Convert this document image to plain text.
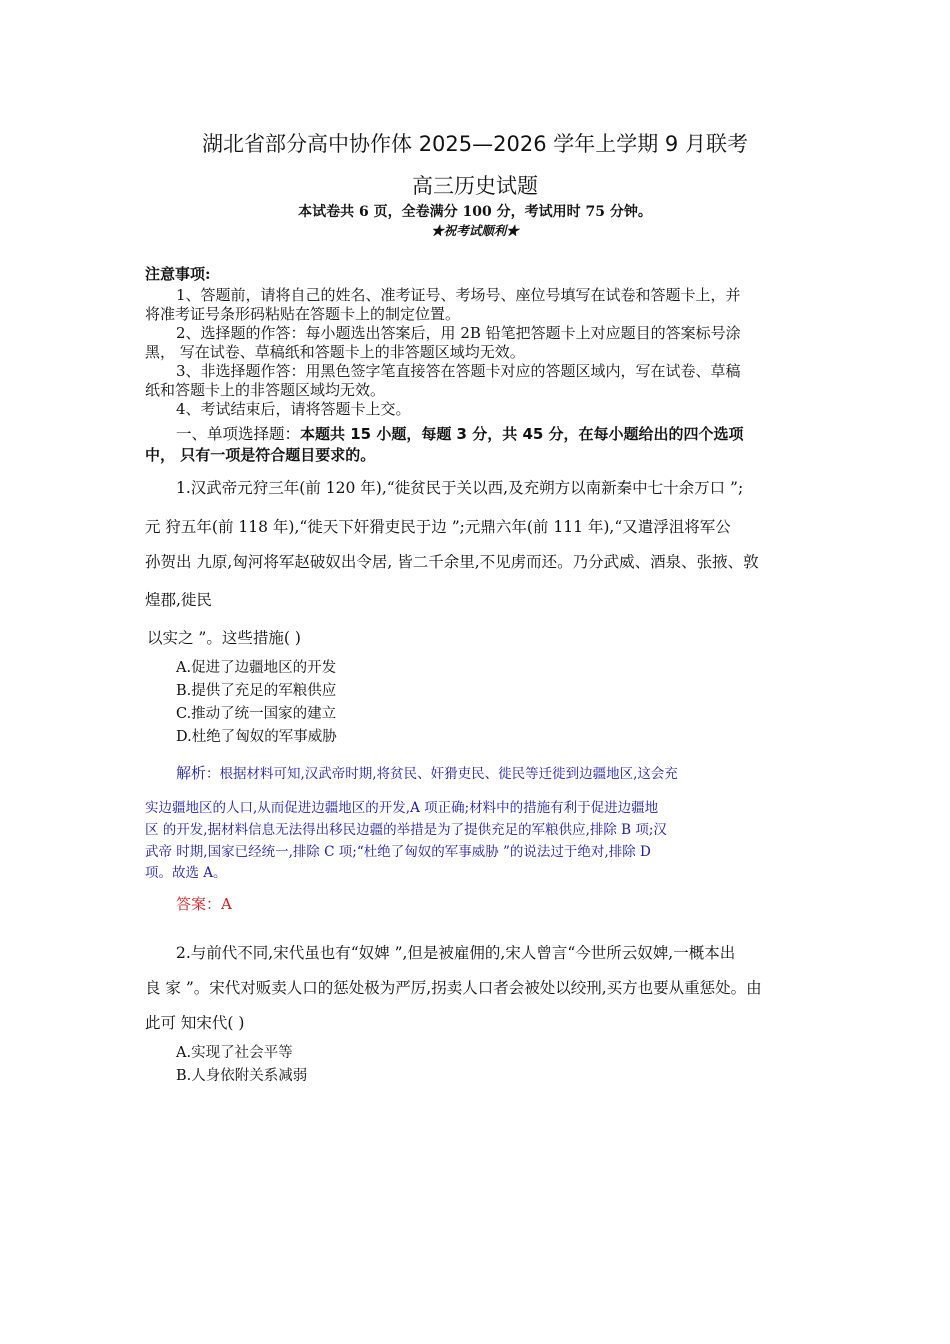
湖北省部分高中协作体 2025—2026 学年上学期 9 月联考
高三历史试题
本试卷共 6 页，全卷满分 100 分，考试用时 75 分钟。
★祝考试顺利★
注意事项:
1、答题前，请将自己的姓名、准考证号、考场号、座位号填写在试卷和答题卡上，并
将准考证号条形码粘贴在答题卡上的制定位置。
2、选择题的作答：每小题选出答案后，用 2B 铅笔把答题卡上对应题目的答案标号涂
黑， 写在试卷、草稿纸和答题卡上的非答题区域均无效。
3、非选择题作答：用黑色签字笔直接答在答题卡对应的答题区域内，写在试卷、草稿
纸和答题卡上的非答题区域均无效。
4、考试结束后，请将答题卡上交。
一、单项选择题：本题共 15 小题，每题 3 分，共 45 分，在每小题给出的四个选项
中， 只有一项是符合题目要求的。
1.汉武帝元狩三年(前 120 年),“徙贫民于关以西,及充朔方以南新秦中七十余万口 ”;
元 狩五年(前 118 年),“徙天下奸猾吏民于边 ”;元鼎六年(前 111 年),“又遣浮沮将军公
孙贺出 九原,匈河将军赵破奴出令居, 皆二千余里,不见虏而还。乃分武威、酒泉、张掖、敦
煌郡,徙民
以实之 ”。这些措施( )
A.促进了边疆地区的开发
B.提供了充足的军粮供应
C.推动了统一国家的建立
D.杜绝了匈奴的军事威胁
解析：根据材料可知,汉武帝时期,将贫民、奸猾吏民、徙民等迁徙到边疆地区,这会充
实边疆地区的人口,从而促进边疆地区的开发,A 项正确;材料中的措施有利于促进边疆地
区 的开发,据材料信息无法得出移民边疆的举措是为了提供充足的军粮供应,排除 B 项;汉
武帝 时期,国家已经统一,排除 C 项;“杜绝了匈奴的军事威胁 ”的说法过于绝对,排除 D
项。故选 A。
答案：A
2.与前代不同,宋代虽也有“奴婢 ”,但是被雇佣的,宋人曾言“今世所云奴婢,一概本出
良 家 ”。宋代对贩卖人口的惩处极为严厉,拐卖人口者会被处以绞刑,买方也要从重惩处。由
此可 知宋代( )
A.实现了社会平等
B.人身依附关系减弱
